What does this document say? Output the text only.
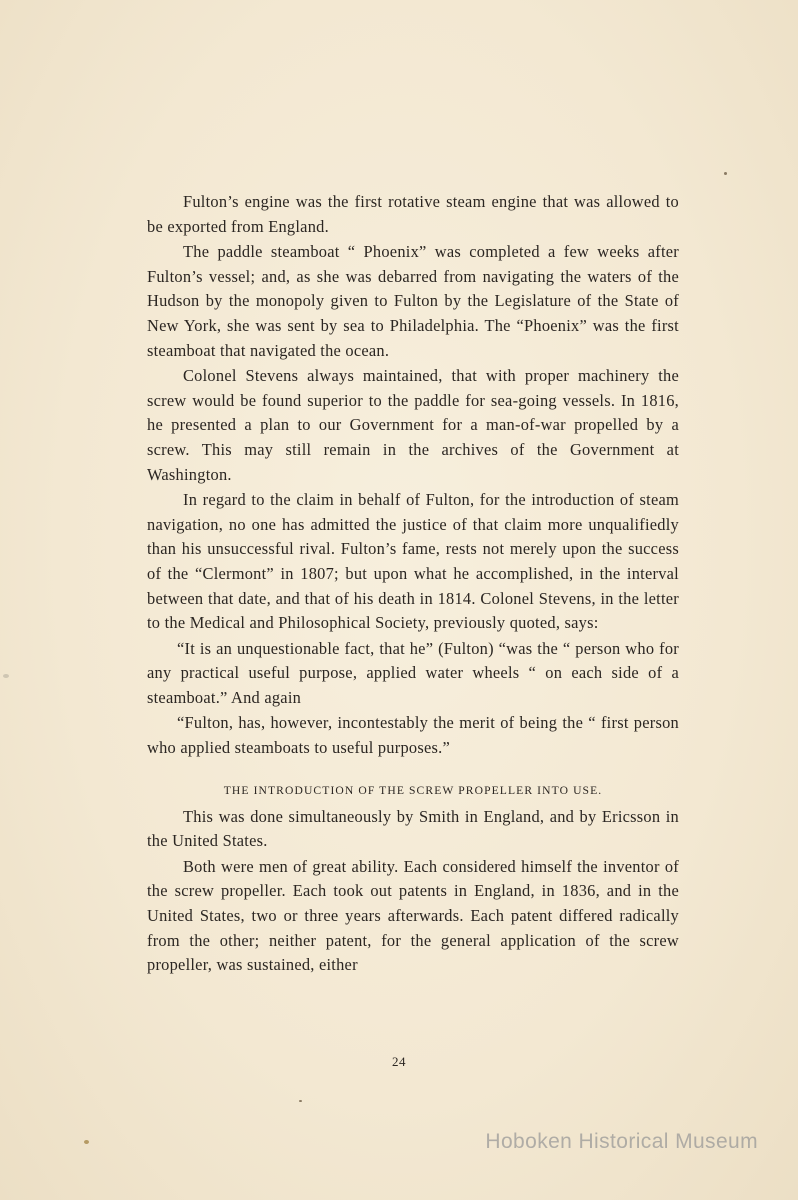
Fulton’s engine was the first rotative steam engine that was allowed to be exported from England.

The paddle steamboat “ Phoenix” was completed a few weeks after Fulton’s vessel; and, as she was debarred from navigating the waters of the Hudson by the monopoly given to Fulton by the Legislature of the State of New York, she was sent by sea to Philadelphia. The “Phoenix” was the first steamboat that navigated the ocean.

Colonel Stevens always maintained, that with proper machinery the screw would be found superior to the paddle for sea-going vessels. In 1816, he presented a plan to our Government for a man-of-war propelled by a screw. This may still remain in the archives of the Government at Washington.

In regard to the claim in behalf of Fulton, for the introduction of steam navigation, no one has admitted the justice of that claim more unqualifiedly than his unsuccessful rival. Fulton’s fame, rests not merely upon the success of the “Clermont” in 1807; but upon what he accomplished, in the interval between that date, and that of his death in 1814. Colonel Stevens, in the letter to the Medical and Philosophical Society, previously quoted, says:

“It is an unquestionable fact, that he” (Fulton) “was the “ person who for any practical useful purpose, applied water wheels “ on each side of a steamboat.” And again

“Fulton, has, however, incontestably the merit of being the “ first person who applied steamboats to useful purposes.”

THE INTRODUCTION OF THE SCREW PROPELLER INTO USE.

This was done simultaneously by Smith in England, and by Ericsson in the United States.

Both were men of great ability. Each considered himself the inventor of the screw propeller. Each took out patents in England, in 1836, and in the United States, two or three years afterwards. Each patent differed radically from the other; neither patent, for the general application of the screw propeller, was sustained, either

24
Hoboken Historical Museum
